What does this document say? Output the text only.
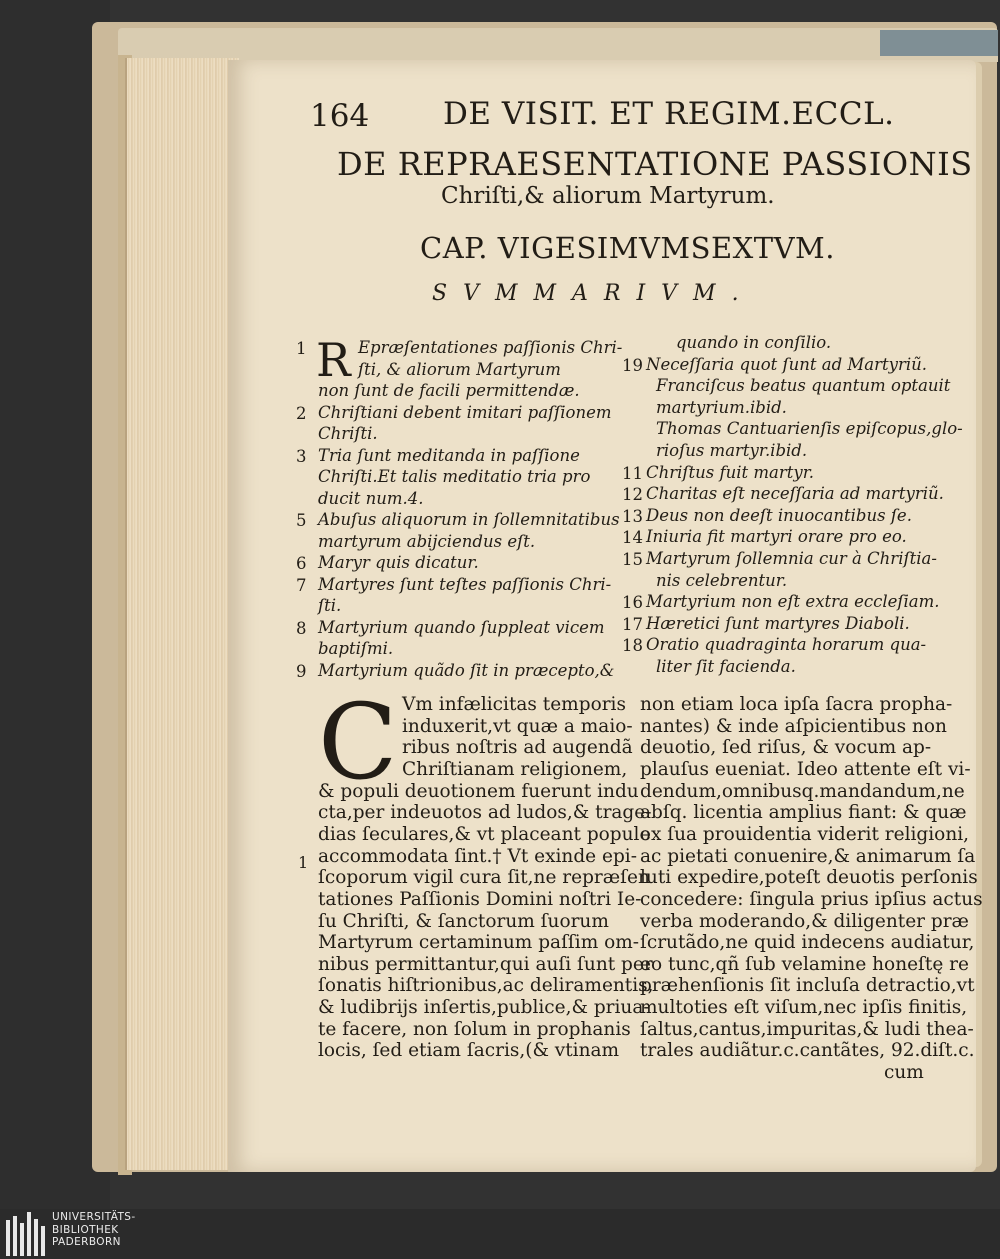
164 DE VISIT. ET REGIM.ECCL.
DE REPRAESENTATIONE PASSIONIS
Chriſti,& aliorum Martyrum.
CAP. VIGESIMVMSEXTVM.
SVMMARIVM.
R
1	Epræſentationes paſſionis Chri-
ſti, & aliorum Martyrum
non ſunt de facili permittendæ.
2 Chriſtiani debent imitari paſſionem
Chriſti.
3 Tria ſunt meditanda in paſſione
Chriſti.Et talis meditatio tria pro
ducit num.4.
5 Abuſus aliquorum in ſollemnitatibus
martyrum abijciendus eſt.
6 Maryr quis dicatur.
7 Martyres ſunt teſtes paſſionis Chri-
ſti.
8 Martyrium quando ſuppleat vicem
baptiſmi.
9 Martyrium quãdo ſit in præcepto,&
quando in conſilio.
19 Neceſſaria quot ſunt ad Martyriũ.
Franciſcus beatus quantum optauit
martyrium.ibid.
Thomas Cantuarienſis epiſcopus,glo-
rioſus martyr.ibid.
11 Chriſtus fuit martyr.
12 Charitas eſt neceſſaria ad martyriũ.
13 Deus non deeſt inuocantibus ſe.
14 Iniuria fit martyri orare pro eo.
15 Martyrum ſollemnia cur à Chriſtia-
nis celebrentur.
16 Martyrium non eſt extra eccleſiam.
17 Hæretici ſunt martyres Diaboli.
18 Oratio quadraginta horarum qua-
liter ſit facienda.
C
1
Vm infælicitas temporis
induxerit,vt quæ a maio-
ribus noſtris ad augendã
Chriſtianam religionem,
& populi deuotionem fuerunt indu
cta,per indeuotos ad ludos,& trage-
dias ſeculares,& vt placeant populo
accommodata ſint.† Vt exinde epi-
ſcoporum vigil cura ſit,ne repræſen
tationes Paſſionis Domini noſtri Ie-
ſu Chriſti, & ſanctorum ſuorum
Martyrum certaminum paſſim om-
nibus permittantur,qui auſi ſunt per
ſonatis hiſtrionibus,ac deliramentis,
& ludibrijs inſertis,publice,& priua-
te facere, non ſolum in prophanis
locis, ſed etiam ſacris,(& vtinam
non etiam loca ipſa ſacra propha-
nantes) & inde aſpicientibus non
deuotio, ſed riſus, & vocum ap-
plauſus eueniat. Ideo attente eſt vi-
dendum,omnibusq.mandandum,ne
abſq. licentia amplius fiant: & quæ
ex ſua prouidentia viderit religioni,
ac pietati conuenire,& animarum ſa
luti expedire,poteſt deuotis perſonis
concedere: ſingula prius ipſius actus
verba moderando,& diligenter præ
ſcrutãdo,ne quid indecens audiatur,
eo tunc,qñ ſub velamine honeſtę re
præhenſionis ſit incluſa detractio,vt
multoties eſt viſum,nec ipſis finitis,
ſaltus,cantus,impuritas,& ludi thea-
trales audiãtur.c.cantãtes, 92.diſt.c.
cum
UNIVERSITÄTS-
BIBLIOTHEK
PADERBORN
